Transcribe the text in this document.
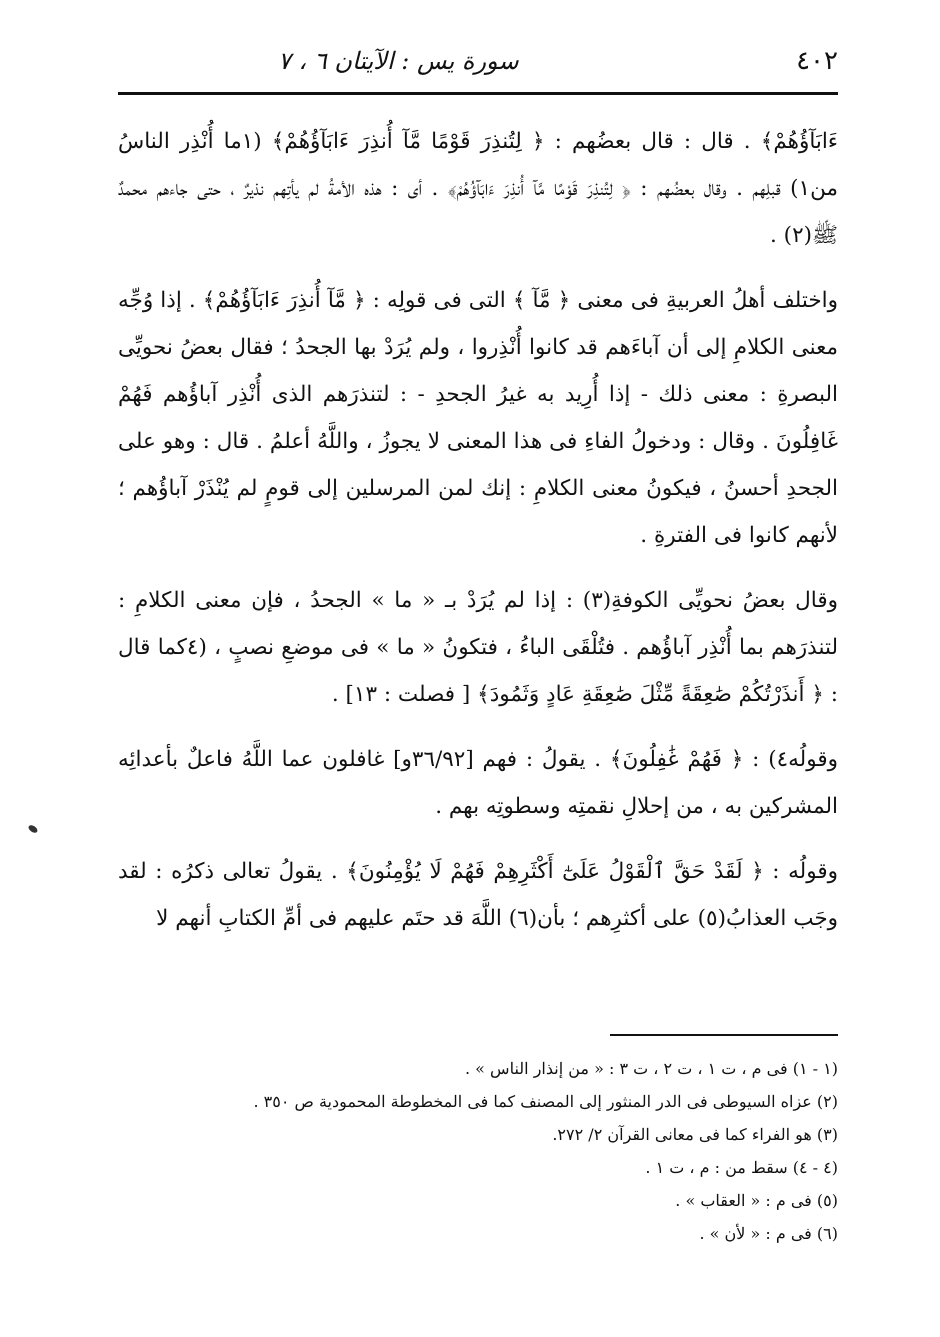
٤٠٢
سورة يس : الآيتان ٦ ، ٧

ءَابَآؤُهُمْ﴾ . قال : قال بعضُهم : ﴿ لِتُنذِرَ قَوْمًا مَّآ أُنذِرَ ءَابَآؤُهُمْ﴾ (١ما أُنْذِر الناسُ من١) قبلِهم . وقال بعضُهم : ﴿ لِتُنذِرَ قَوْمًا مَّآ أُنذِرَ ءَابَآؤُهُمْ﴾ . أى : هذه الأمةُ لم يأتِهم نذيرٌ ، حتى جاءهم محمدٌ ﷺ(٢) .

واختلف أهلُ العربيةِ فى معنى ﴿ مَّآ ﴾ التى فى قولِه : ﴿ مَّآ أُنذِرَ ءَابَآؤُهُمْ﴾ . إذا وُجِّه معنى الكلامِ إلى أن آباءَهم قد كانوا أُنْذِروا ، ولم يُرَدْ بها الجحدُ ؛ فقال بعضُ نحويِّى البصرةِ : معنى ذلك - إذا أُرِيد به غيرُ الجحدِ - : لتنذرَهم الذى أُنْذِر آباؤُهم فَهُمْ غَافِلُونَ . وقال : ودخولُ الفاءِ فى هذا المعنى لا يجوزُ ، واللَّهُ أعلمُ . قال : وهو على الجحدِ أحسنُ ، فيكونُ معنى الكلامِ : إنك لمن المرسلين إلى قومٍ لم يُنْذَرْ آباؤُهم ؛ لأنهم كانوا فى الفترةِ .

وقال بعضُ نحويِّى الكوفةِ(٣) : إذا لم يُرَدْ بـ « ما » الجحدُ ، فإن معنى الكلامِ : لتنذرَهم بما أُنْذِر آباؤُهم . فتُلْقَى الباءُ ، فتكونُ « ما » فى موضعِ نصبٍ ، (٤كما قال : ﴿ أَنذَرْتُكُمْ صَٰعِقَةً مِّثْلَ صَٰعِقَةِ عَادٍ وَثَمُودَ﴾ [ فصلت : ١٣] .

وقولُه٤) : ﴿ فَهُمْ غَٰفِلُونَ﴾ . يقولُ : فهم [٣٦/٩٢و] غافلون عما اللَّهُ فاعلٌ بأعدائِه المشركين به ، من إحلالِ نقمتِه وسطوتِه بهم .

وقولُه : ﴿ لَقَدْ حَقَّ ٱلْقَوْلُ عَلَىٰٓ أَكْثَرِهِمْ فَهُمْ لَا يُؤْمِنُونَ﴾ . يقولُ تعالى ذكرُه : لقد وجَب العذابُ(٥) على أكثرِهم ؛ بأن(٦) اللَّهَ قد حتَم عليهم فى أمِّ الكتابِ أنهم لا

(١ - ١) فى م ، ت ١ ، ت ٢ ، ت ٣ : « من إنذار الناس » .

(٢) عزاه السيوطى فى الدر المنثور إلى المصنف كما فى المخطوطة المحمودية ص ٣٥٠ .

(٣) هو الفراء كما فى معانى القرآن ٢/ ٢٧٢.

(٤ - ٤) سقط من : م ، ت ١ .

(٥) فى م : « العقاب » .

(٦) فى م : « لأن » .
